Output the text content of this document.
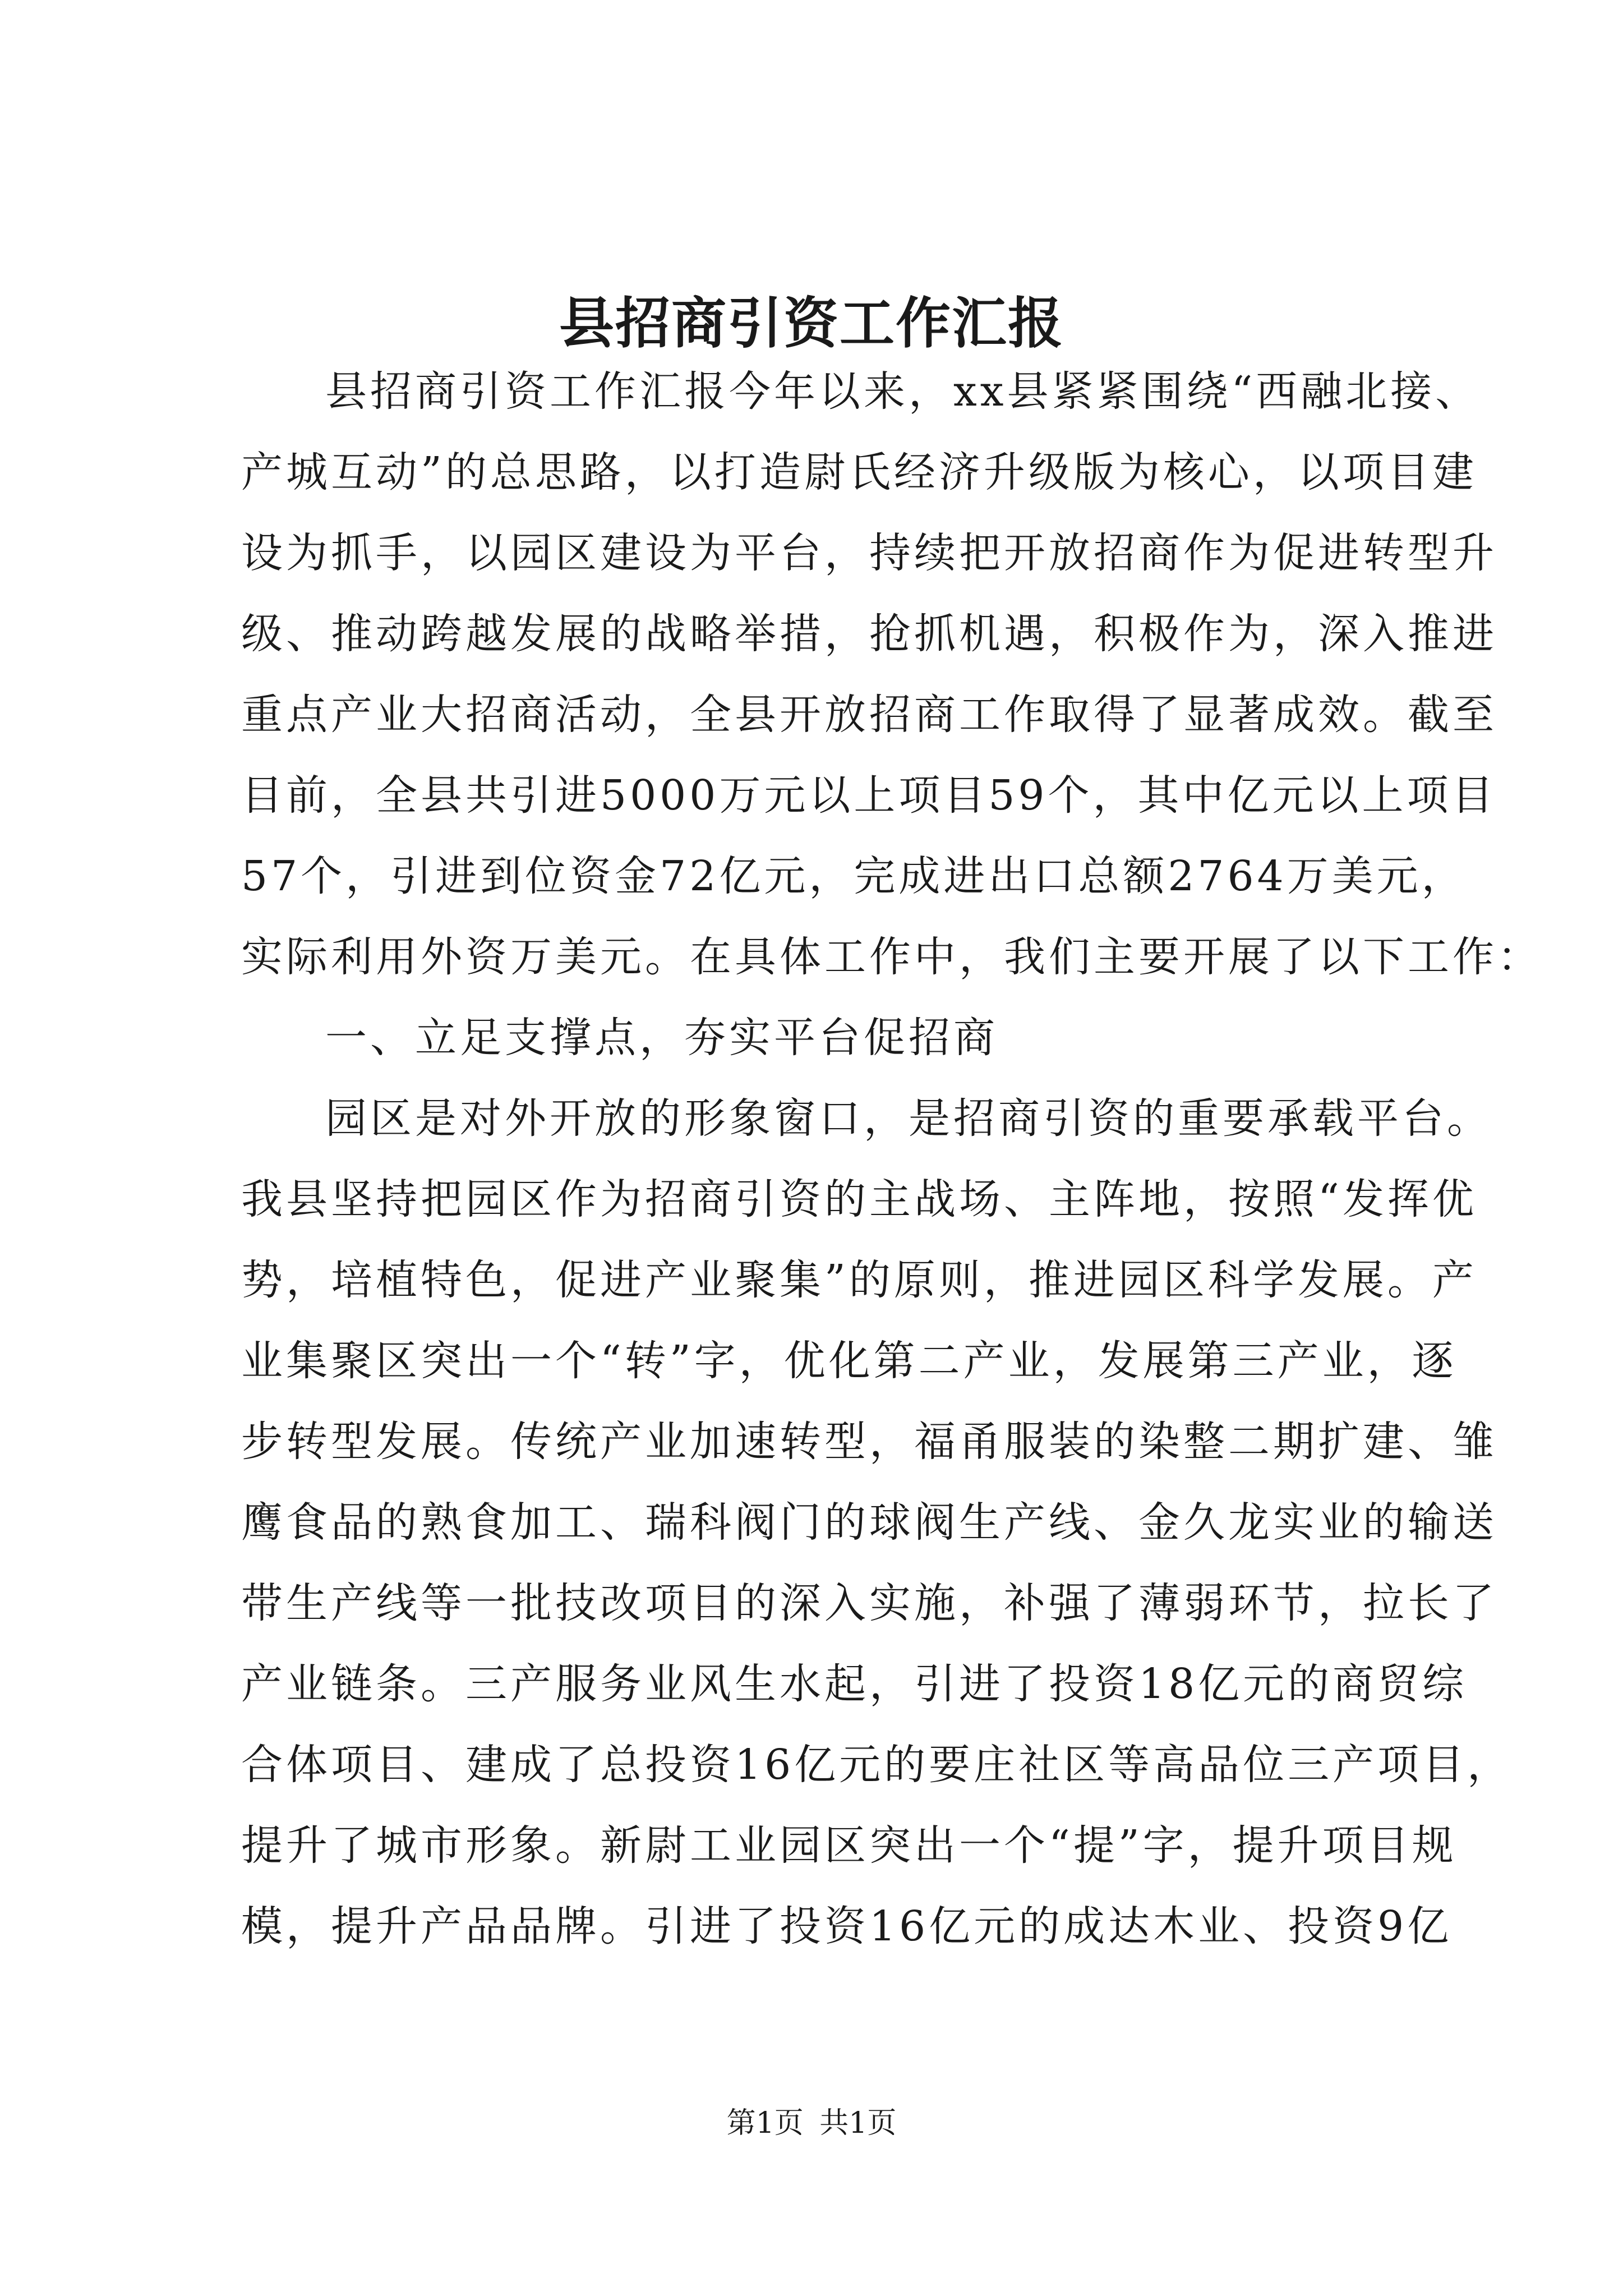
县招商引资工作汇报
县招商引资工作汇报今年以来，xx县紧紧围绕“西融北接、
产城互动”的总思路，以打造尉氏经济升级版为核心，以项目建
设为抓手，以园区建设为平台，持续把开放招商作为促进转型升
级、推动跨越发展的战略举措，抢抓机遇，积极作为，深入推进
重点产业大招商活动，全县开放招商工作取得了显著成效。截至
目前，全县共引进5000万元以上项目59个，其中亿元以上项目
57个，引进到位资金72亿元，完成进出口总额2764万美元，
实际利用外资万美元。在具体工作中，我们主要开展了以下工作：
一、立足支撑点，夯实平台促招商
园区是对外开放的形象窗口，是招商引资的重要承载平台。
我县坚持把园区作为招商引资的主战场、主阵地，按照“发挥优
势，培植特色，促进产业聚集”的原则，推进园区科学发展。产
业集聚区突出一个“转”字，优化第二产业，发展第三产业，逐
步转型发展。传统产业加速转型，福甬服装的染整二期扩建、雏
鹰食品的熟食加工、瑞科阀门的球阀生产线、金久龙实业的输送
带生产线等一批技改项目的深入实施，补强了薄弱环节，拉长了
产业链条。三产服务业风生水起，引进了投资18亿元的商贸综
合体项目、建成了总投资16亿元的要庄社区等高品位三产项目，
提升了城市形象。新尉工业园区突出一个“提”字，提升项目规
模，提升产品品牌。引进了投资16亿元的成达木业、投资9亿
第1页 共1页
